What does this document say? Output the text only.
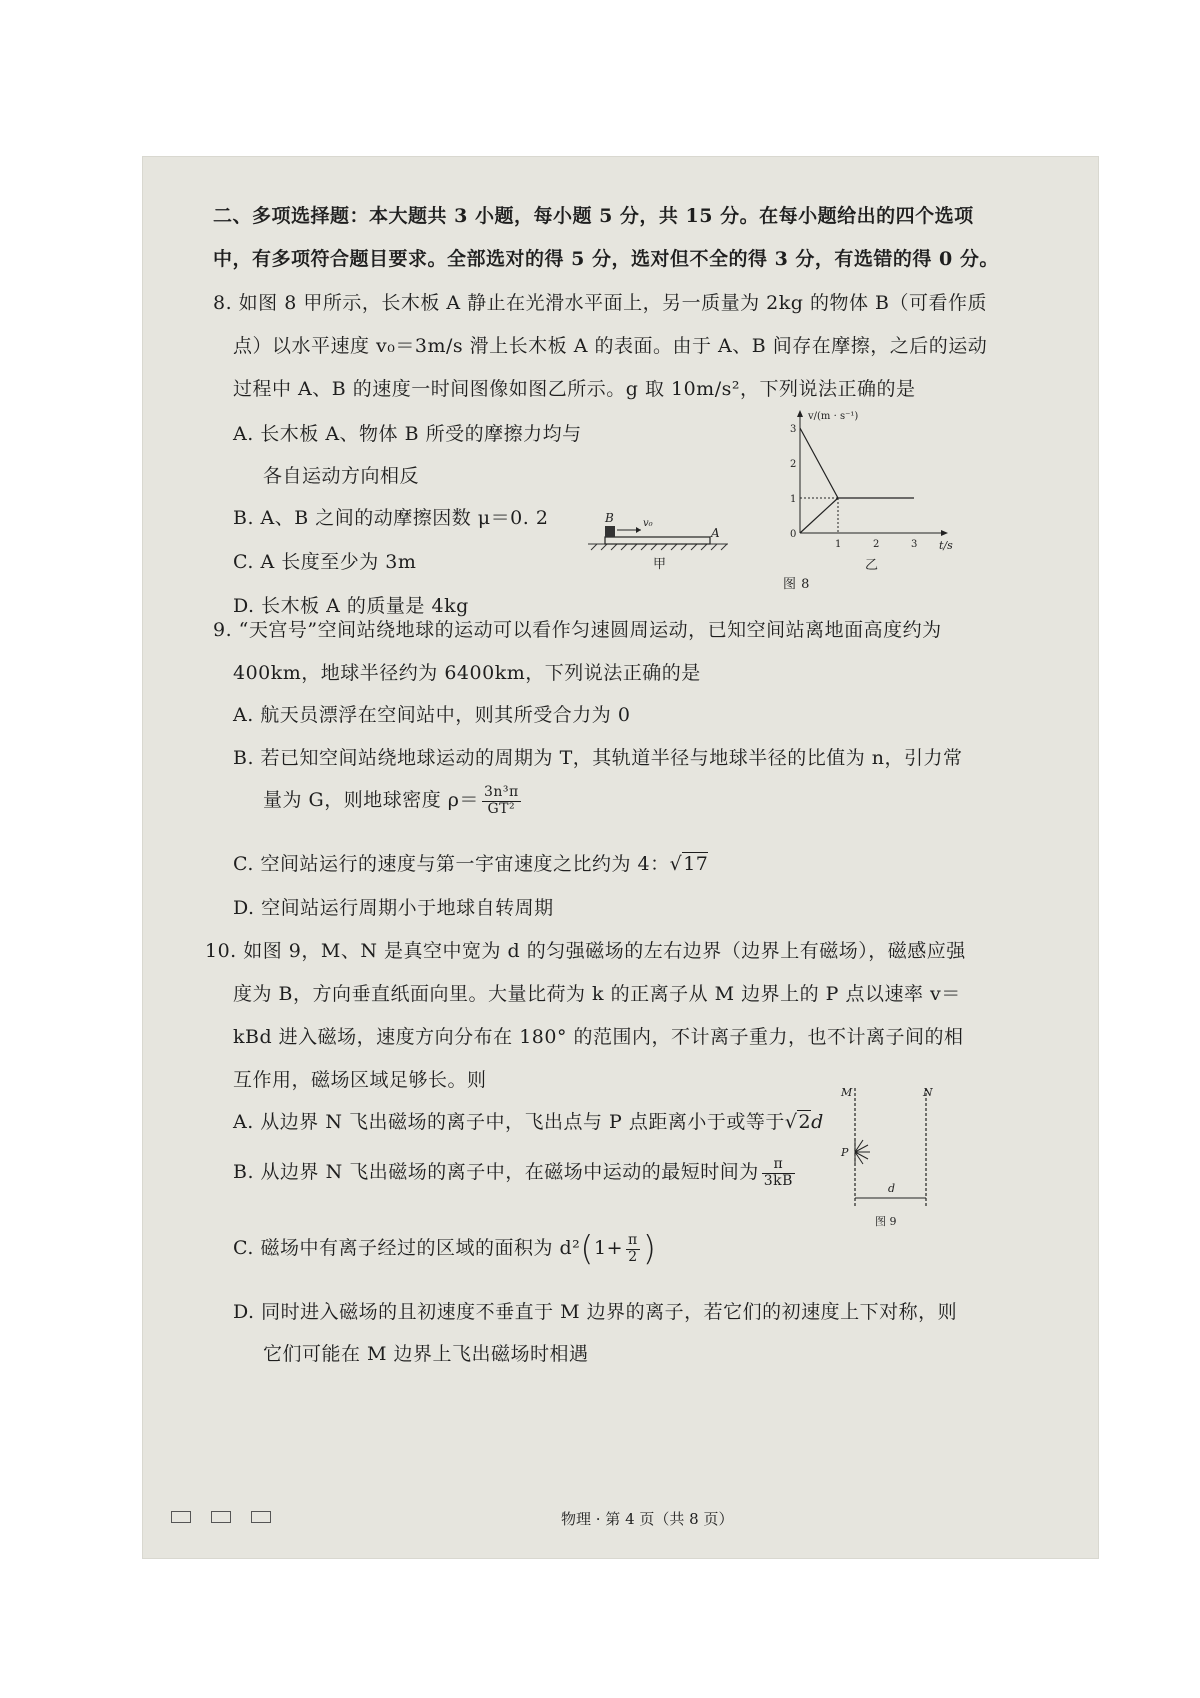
二、多项选择题：本大题共 3 小题，每小题 5 分，共 15 分。在每小题给出的四个选项
中，有多项符合题目要求。全部选对的得 5 分，选对但不全的得 3 分，有选错的得 0 分。
8. 如图 8 甲所示，长木板 A 静止在光滑水平面上，另一质量为 2kg 的物体 B（可看作质
点）以水平速度 v₀＝3m/s 滑上长木板 A 的表面。由于 A、B 间存在摩擦，之后的运动
过程中 A、B 的速度一时间图像如图乙所示。g 取 10m/s²，下列说法正确的是
A. 长木板 A、物体 B 所受的摩擦力均与
各自运动方向相反
B. A、B 之间的动摩擦因数 μ＝0. 2
C. A 长度至少为 3m
D. 长木板 A 的质量是 4kg
B	v₀
A
甲
v/(m · s⁻¹)
t/s
3
2
1
0
1	2	3
乙
图 8
9. “天宫号”空间站绕地球的运动可以看作匀速圆周运动，已知空间站离地面高度约为
400km，地球半径约为 6400km，下列说法正确的是
A. 航天员漂浮在空间站中，则其所受合力为 0
B. 若已知空间站绕地球运动的周期为 T，其轨道半径与地球半径的比值为 n，引力常
量为 G，则地球密度 $\rho= \frac{\text{3n³π}}{\text{GT²}}$
C. 空间站运行的速度与第一宇宙速度之比约为 4：√17
D. 空间站运行周期小于地球自转周期
10. 如图 9，M、N 是真空中宽为 d 的匀强磁场的左右边界（边界上有磁场），磁感应强
度为 B，方向垂直纸面向里。大量比荷为 k 的正离子从 M 边界上的 P 点以速率 v＝
kBd 进入磁场，速度方向分布在 180° 的范围内，不计离子重力，也不计离子间的相
互作用，磁场区域足够长。则
A. 从边界 N 飞出磁场的离子中，飞出点与 P 点距离小于或等于√2d
B. 从边界 N 飞出磁场的离子中，在磁场中运动的最短时间为 $\frac{\pi}{3kB}$
C. 磁场中有离子经过的区域的面积为 $d^2(1+ \frac{\pi}{2}$ )
D. 同时进入磁场的且初速度不垂直于 M 边界的离子，若它们的初速度上下对称，则
它们可能在 M 边界上飞出磁场时相遇
M	N
P
d
图 9
物理 · 第 4 页（共 8 页）
